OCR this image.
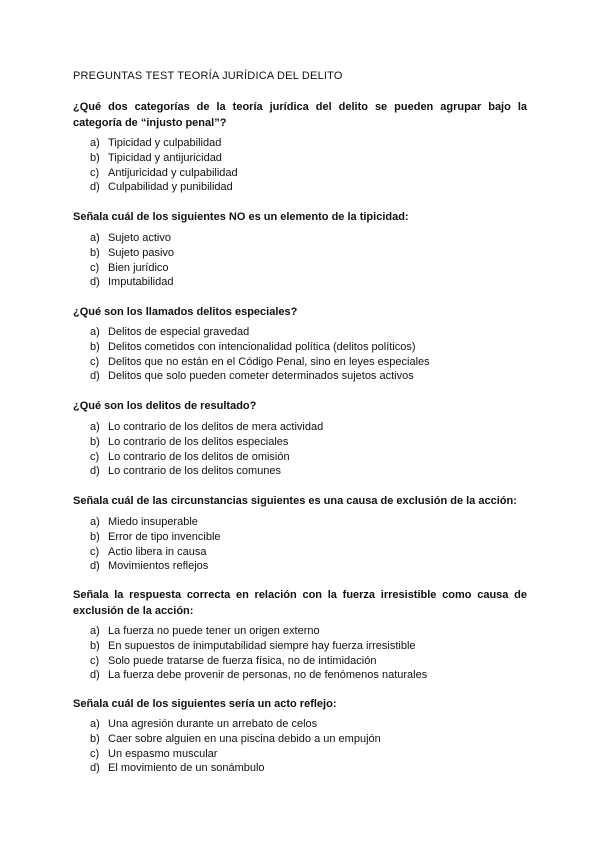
PREGUNTAS TEST TEORÍA JURÍDICA DEL DELITO
¿Qué dos categorías de la teoría jurídica del delito se pueden agrupar bajo la categoría de “injusto penal”?
a) Tipicidad y culpabilidad
b) Tipicidad y antijuricidad
c) Antijuricidad y culpabilidad
d) Culpabilidad y punibilidad
Señala cuál de los siguientes NO es un elemento de la tipicidad:
a) Sujeto activo
b) Sujeto pasivo
c) Bien jurídico
d) Imputabilidad
¿Qué son los llamados delitos especiales?
a) Delitos de especial gravedad
b) Delitos cometidos con intencionalidad política (delitos políticos)
c) Delitos que no están en el Código Penal, sino en leyes especiales
d) Delitos que solo pueden cometer determinados sujetos activos
¿Qué son los delitos de resultado?
a) Lo contrario de los delitos de mera actividad
b) Lo contrario de los delitos especiales
c) Lo contrario de los delitos de omisión
d) Lo contrario de los delitos comunes
Señala cuál de las circunstancias siguientes es una causa de exclusión de la acción:
a) Miedo insuperable
b) Error de tipo invencible
c) Actio libera in causa
d) Movimientos reflejos
Señala la respuesta correcta en relación con la fuerza irresistible como causa de exclusión de la acción:
a) La fuerza no puede tener un origen externo
b) En supuestos de inimputabilidad siempre hay fuerza irresistible
c) Solo puede tratarse de fuerza física, no de intimidación
d) La fuerza debe provenir de personas, no de fenómenos naturales
Señala cuál de los siguientes sería un acto reflejo:
a) Una agresión durante un arrebato de celos
b) Caer sobre alguien en una piscina debido a un empujón
c) Un espasmo muscular
d) El movimiento de un sonámbulo
